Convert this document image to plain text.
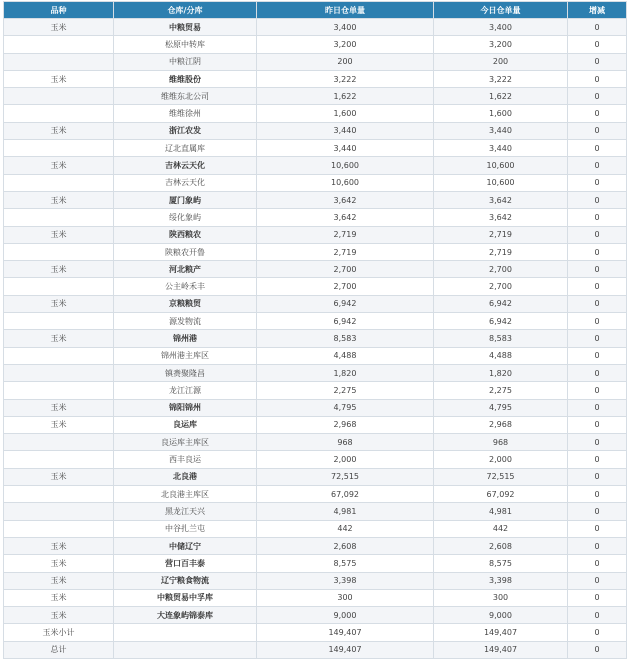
品种	仓库/分库	昨日仓单量	今日仓单量	增减
玉米	中粮贸易	3,400	3,400	0
	松原中转库	3,200	3,200	0
	中粮江阴	200	200	0
玉米	维维股份	3,222	3,222	0
	维维东北公司	1,622	1,622	0
	维维徐州	1,600	1,600	0
玉米	浙江农发	3,440	3,440	0
	辽北直属库	3,440	3,440	0
玉米	吉林云天化	10,600	10,600	0
	吉林云天化	10,600	10,600	0
玉米	厦门象屿	3,642	3,642	0
	绥化象屿	3,642	3,642	0
玉米	陕西粮农	2,719	2,719	0
	陕粮农开鲁	2,719	2,719	0
玉米	河北粮产	2,700	2,700	0
	公主岭禾丰	2,700	2,700	0
玉米	京粮粮贸	6,942	6,942	0
	源发物流	6,942	6,942	0
玉米	锦州港	8,583	8,583	0
	锦州港主库区	4,488	4,488	0
	镇赉聚隆昌	1,820	1,820	0
	龙江江源	2,275	2,275	0
玉米	锦阳锦州	4,795	4,795	0
玉米	良运库	2,968	2,968	0
	良运库主库区	968	968	0
	西丰良运	2,000	2,000	0
玉米	北良港	72,515	72,515	0
	北良港主库区	67,092	67,092	0
	黑龙江天兴	4,981	4,981	0
	中谷扎兰屯	442	442	0
玉米	中储辽宁	2,608	2,608	0
玉米	营口百丰泰	8,575	8,575	0
玉米	辽宁粮食物流	3,398	3,398	0
玉米	中粮贸易中孚库	300	300	0
玉米	大连象屿锦泰库	9,000	9,000	0
玉米小计		149,407	149,407	0
总计		149,407	149,407	0
